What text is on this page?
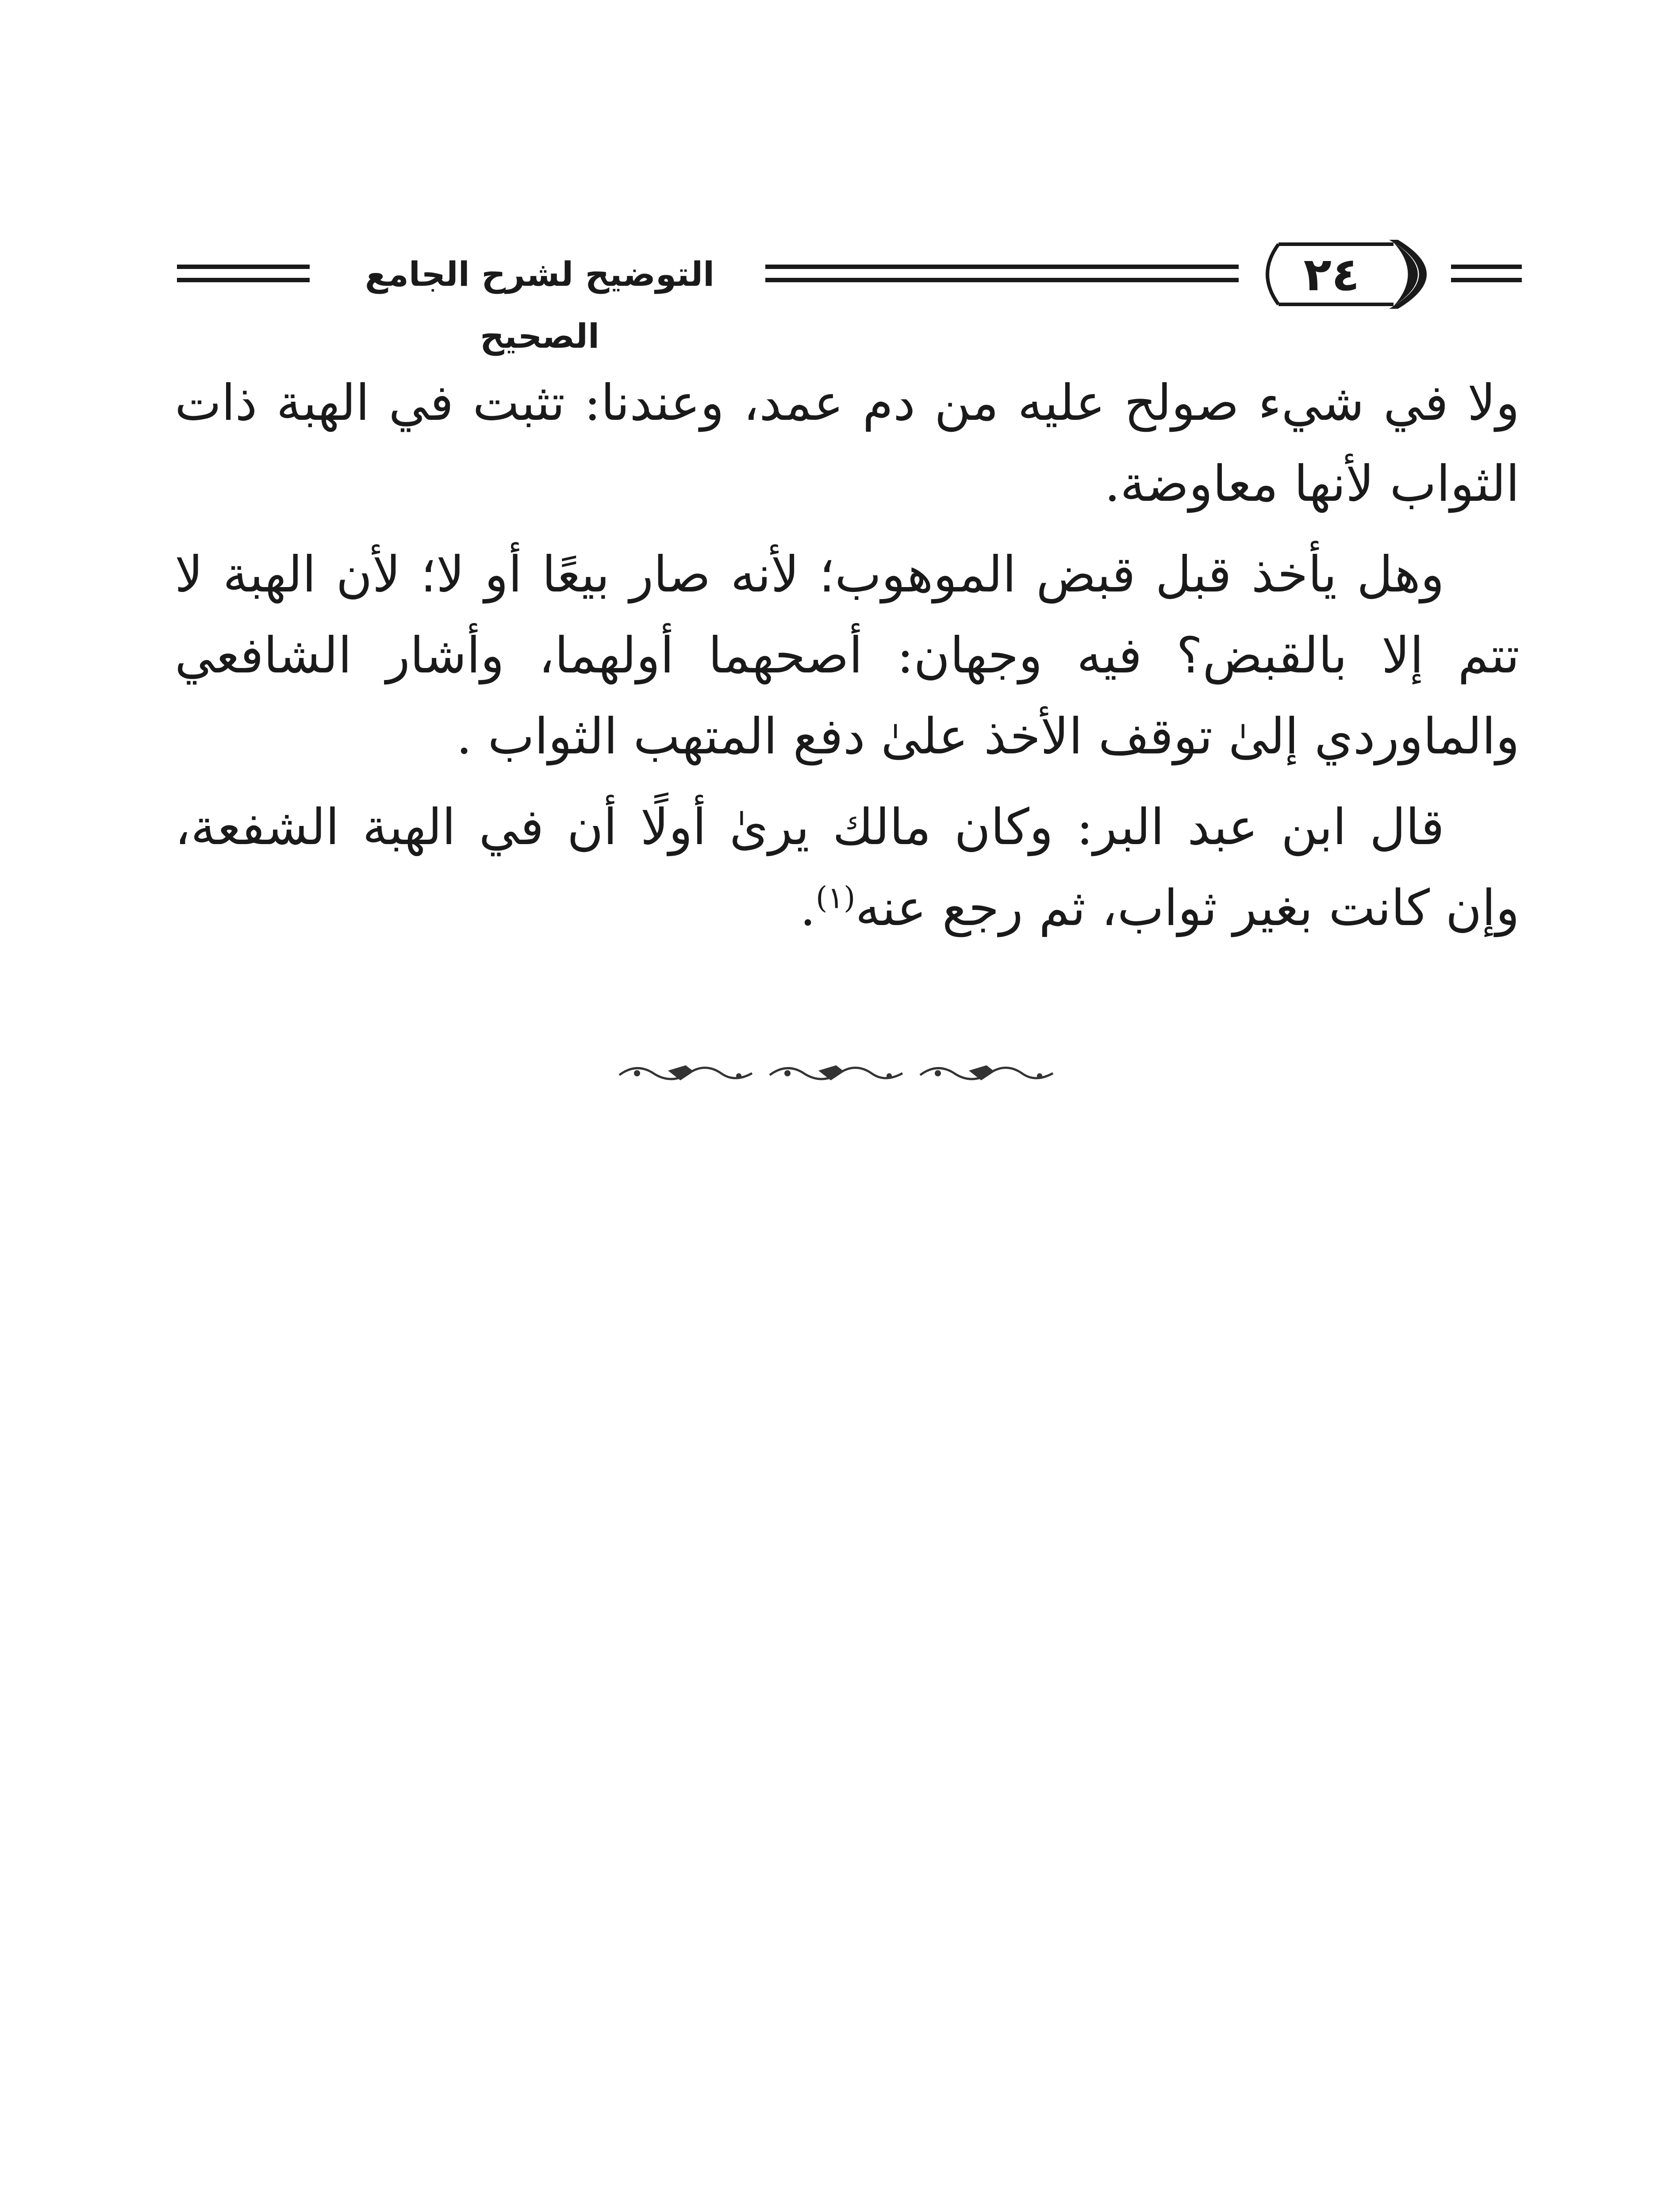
التوضيح لشرح الجامع الصحيح
٢٤

ولا في شيء صولح عليه من دم عمد، وعندنا: تثبت في الهبة ذات الثواب لأنها معاوضة.

وهل يأخذ قبل قبض الموهوب؛ لأنه صار بيعًا أو لا؛ لأن الهبة لا تتم إلا بالقبض؟ فيه وجهان: أصحهما أولهما، وأشار الشافعي والماوردي إلىٰ توقف الأخذ علىٰ دفع المتهب الثواب .

قال ابن عبد البر: وكان مالك يرىٰ أولًا أن في الهبة الشفعة، وإن كانت بغير ثواب، ثم رجع عنه$^{(١)}$.
